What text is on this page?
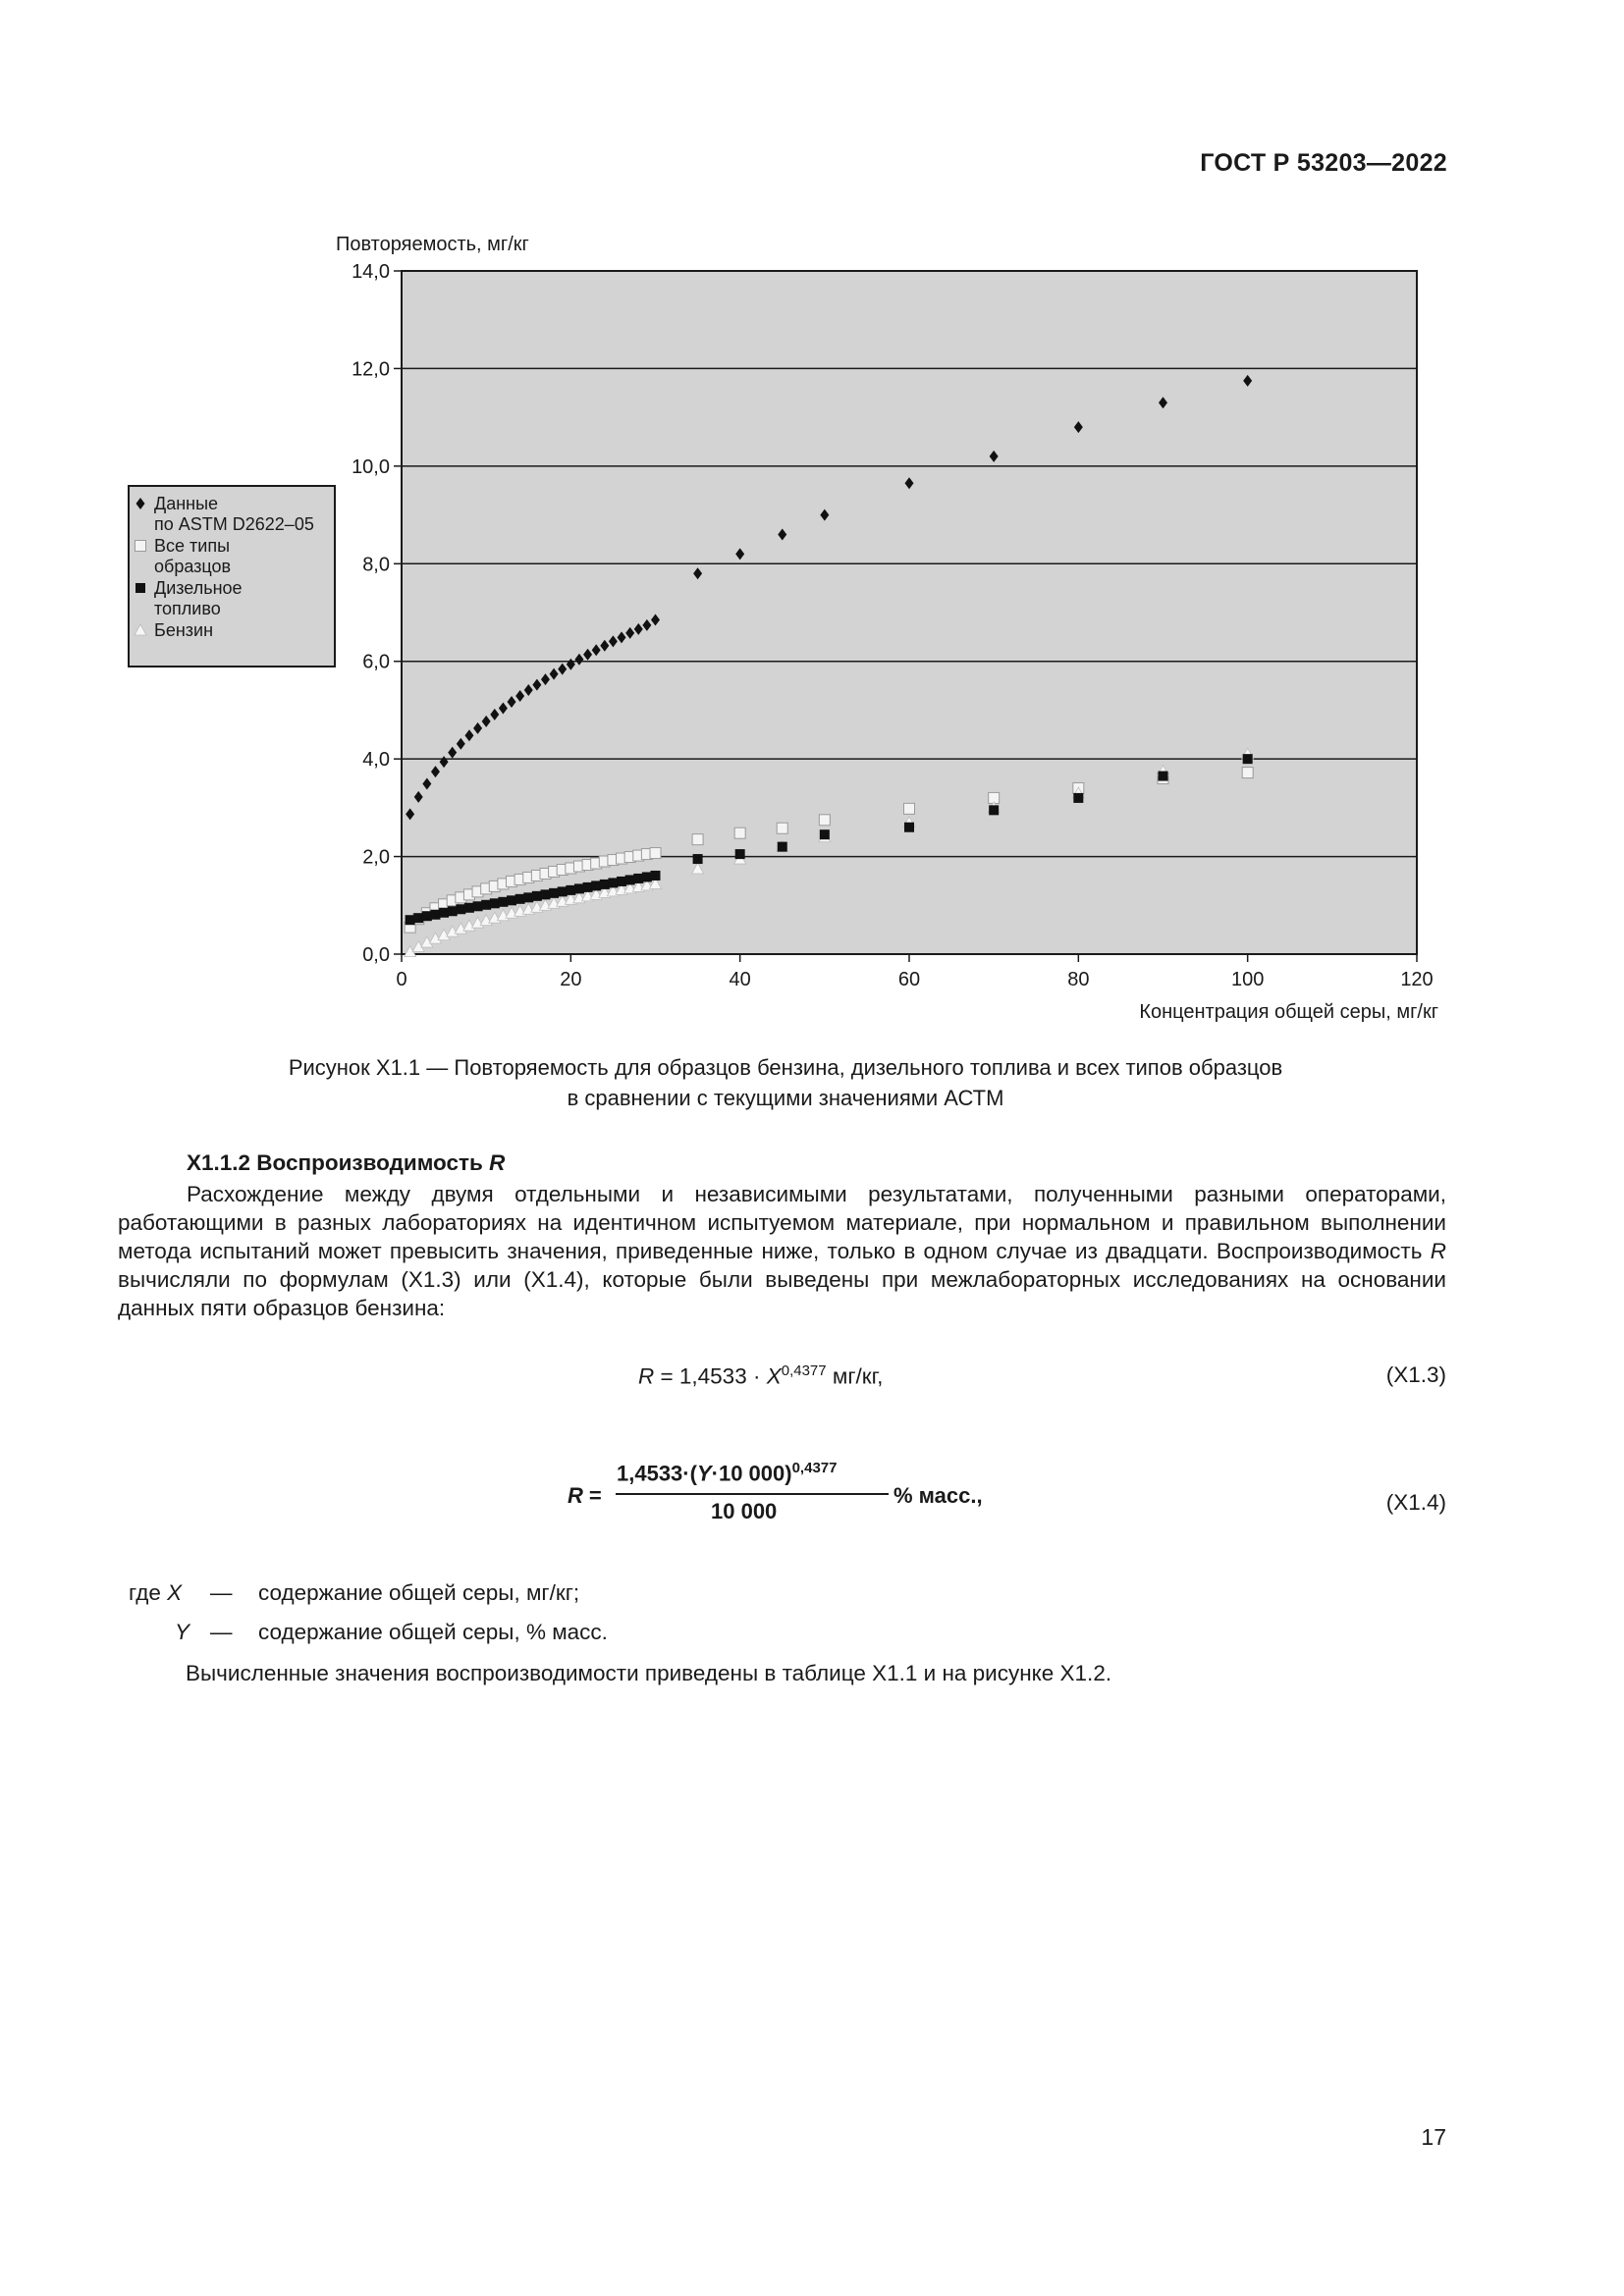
ГОСТ Р 53203—2022
Повторяемость, мг/кг
0,0
2,0
4,0
6,0
8,0
10,0
12,0
14,0
0	20	40	60	80	100	120
Концентрация общей серы, мг/кг
Данные
по ASTM D2622–05
Все типы
образцов
Дизельное
топливо
Бензин
Рисунок Х1.1 — Повторяемость для образцов бензина, дизельного топлива и всех типов образцов
в сравнении с текущими значениями АСТМ
Х1.1.2 Воспроизводимость R

Расхождение между двумя отдельными и независимыми результатами, полученными разными операторами, работающими в разных лабораториях на идентичном испытуемом материале, при нормальном и правильном выполнении метода испытаний может превысить значения, приведенные ниже, только в одном случае из двадцати. Воспроизводимость R вычисляли по формулам (Х1.3) или (Х1.4), которые были выведены при межлабораторных исследованиях на основании данных пяти образцов бензина:

$R = 1,4533 \cdot X^{0,4377}$ мг/кг,	(Х1.3)
R =
1,4533·(Y·10 000)$^{0,4377}$
10 000
% масс.,	(Х1.4)
где X — содержание общей серы, мг/кг;
Y — содержание общей серы, % масс.
Вычисленные значения воспроизводимости приведены в таблице Х1.1 и на рисунке Х1.2.
17
